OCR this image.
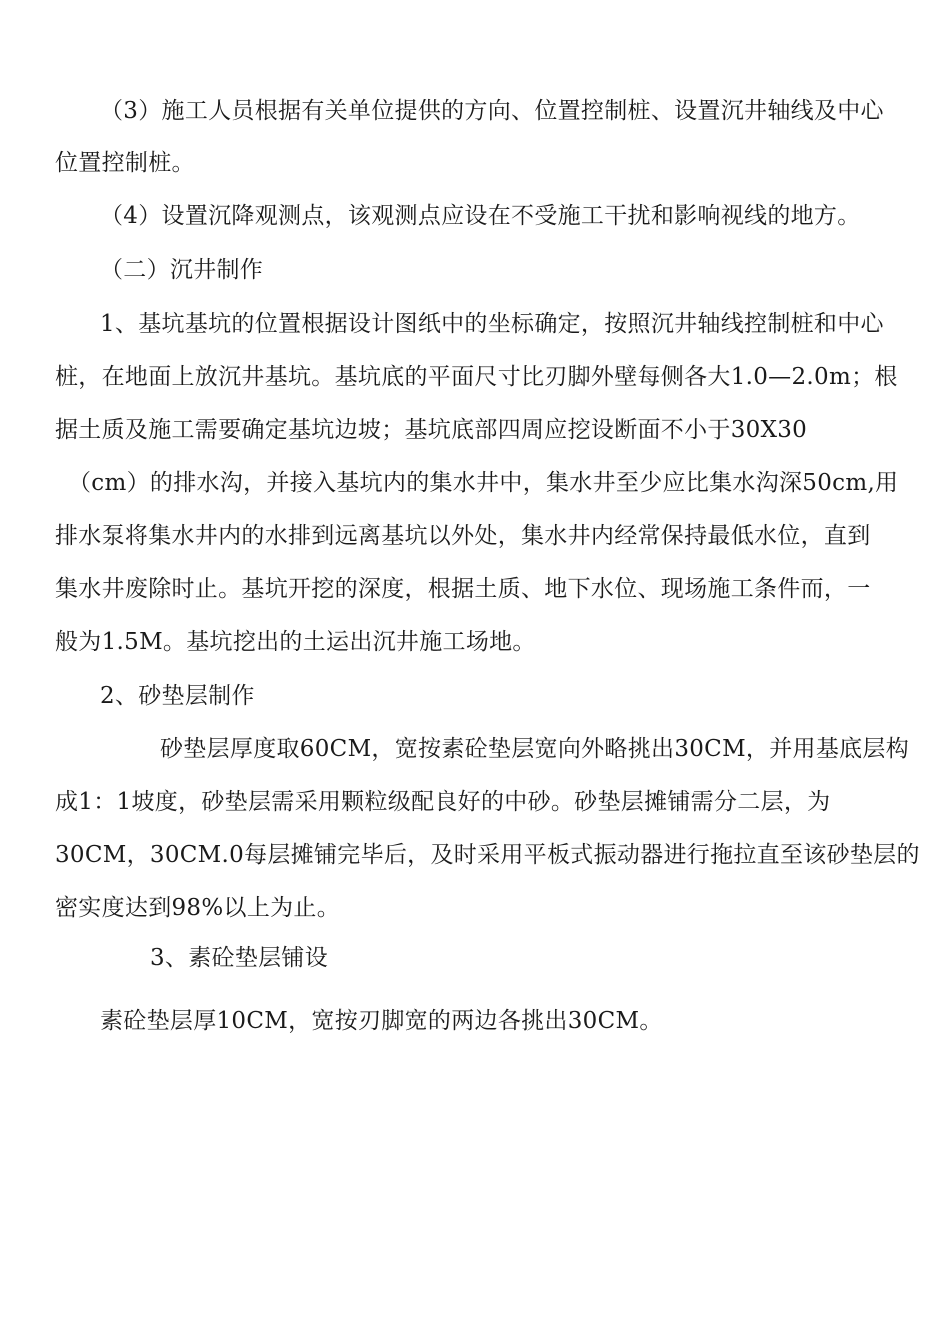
（3）施工人员根据有关单位提供的方向、位置控制桩、设置沉井轴线及中心
位置控制桩。
（4）设置沉降观测点，该观测点应设在不受施工干扰和影响视线的地方。
（二）沉井制作
1、基坑基坑的位置根据设计图纸中的坐标确定，按照沉井轴线控制桩和中心
桩，在地面上放沉井基坑。基坑底的平面尺寸比刃脚外壁每侧各大1.0—2.0m；根
据土质及施工需要确定基坑边坡；基坑底部四周应挖设断面不小于30X30
（cm）的排水沟，并接入基坑内的集水井中，集水井至少应比集水沟深50cm,用
排水泵将集水井内的水排到远离基坑以外处，集水井内经常保持最低水位，直到
集水井废除时止。基坑开挖的深度，根据土质、地下水位、现场施工条件而，一
般为1.5M。基坑挖出的土运出沉井施工场地。
2、砂垫层制作
砂垫层厚度取60CM，宽按素砼垫层宽向外略挑出30CM，并用基底层构
成1：1坡度，砂垫层需采用颗粒级配良好的中砂。砂垫层摊铺需分二层，为
30CM，30CM.0每层摊铺完毕后，及时采用平板式振动器进行拖拉直至该砂垫层的
密实度达到98%以上为止。
3、素砼垫层铺设
素砼垫层厚10CM，宽按刃脚宽的两边各挑出30CM。
